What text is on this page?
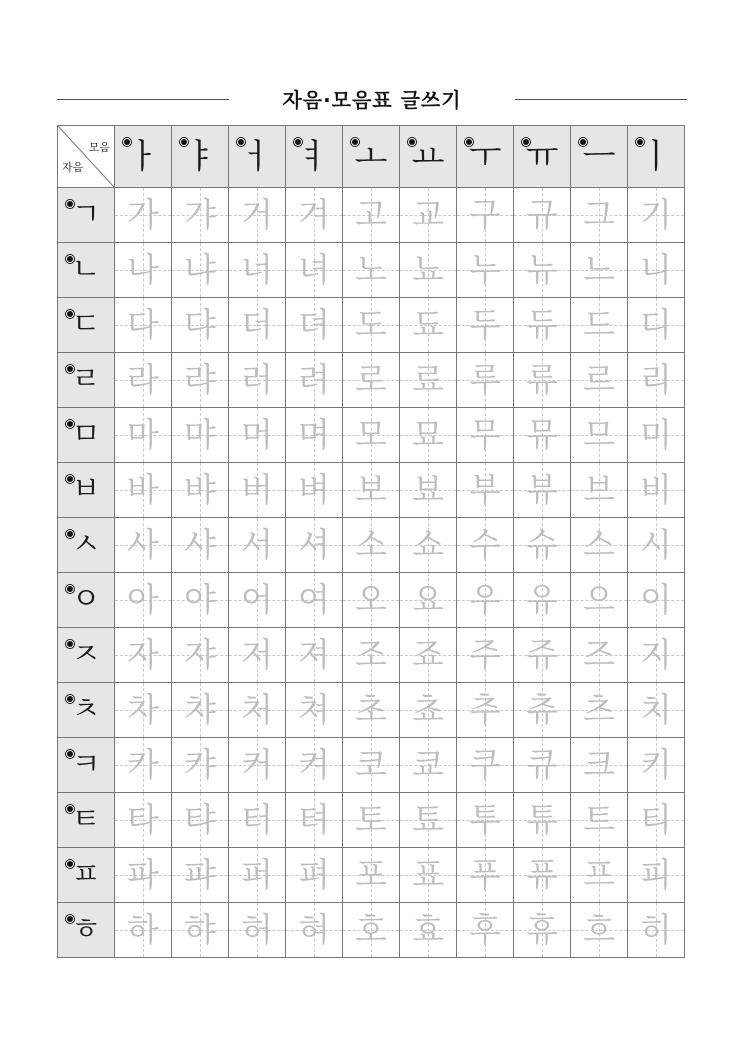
자음·모음표 글쓰기
모음
자음	ㅏ	ㅑ	ㅓ	ㅕ	ㅗ	ㅛ	ㅜ	ㅠ	ㅡ	ㅣ

ㄱ	가	갸	거	겨	고	교	구	규	그	기

ㄴ	나	냐	너	녀	노	뇨	누	뉴	느	니

ㄷ	다	댜	더	뎌	도	됴	두	듀	드	디

ㄹ	라	랴	러	려	로	료	루	류	르	리

ㅁ	마	먀	머	며	모	묘	무	뮤	므	미

ㅂ	바	뱌	버	벼	보	뵤	부	뷰	브	비

ㅅ	사	샤	서	셔	소	쇼	수	슈	스	시

ㅇ	아	야	어	여	오	요	우	유	으	이

ㅈ	자	쟈	저	져	조	죠	주	쥬	즈	지

ㅊ	차	챠	처	쳐	초	쵸	추	츄	츠	치

ㅋ	카	캬	커	켜	코	쿄	쿠	큐	크	키

ㅌ	타	탸	터	텨	토	툐	투	튜	트	티

ㅍ	파	퍄	퍼	펴	포	표	푸	퓨	프	피

ㅎ	하	햐	허	혀	호	효	후	휴	흐	히
